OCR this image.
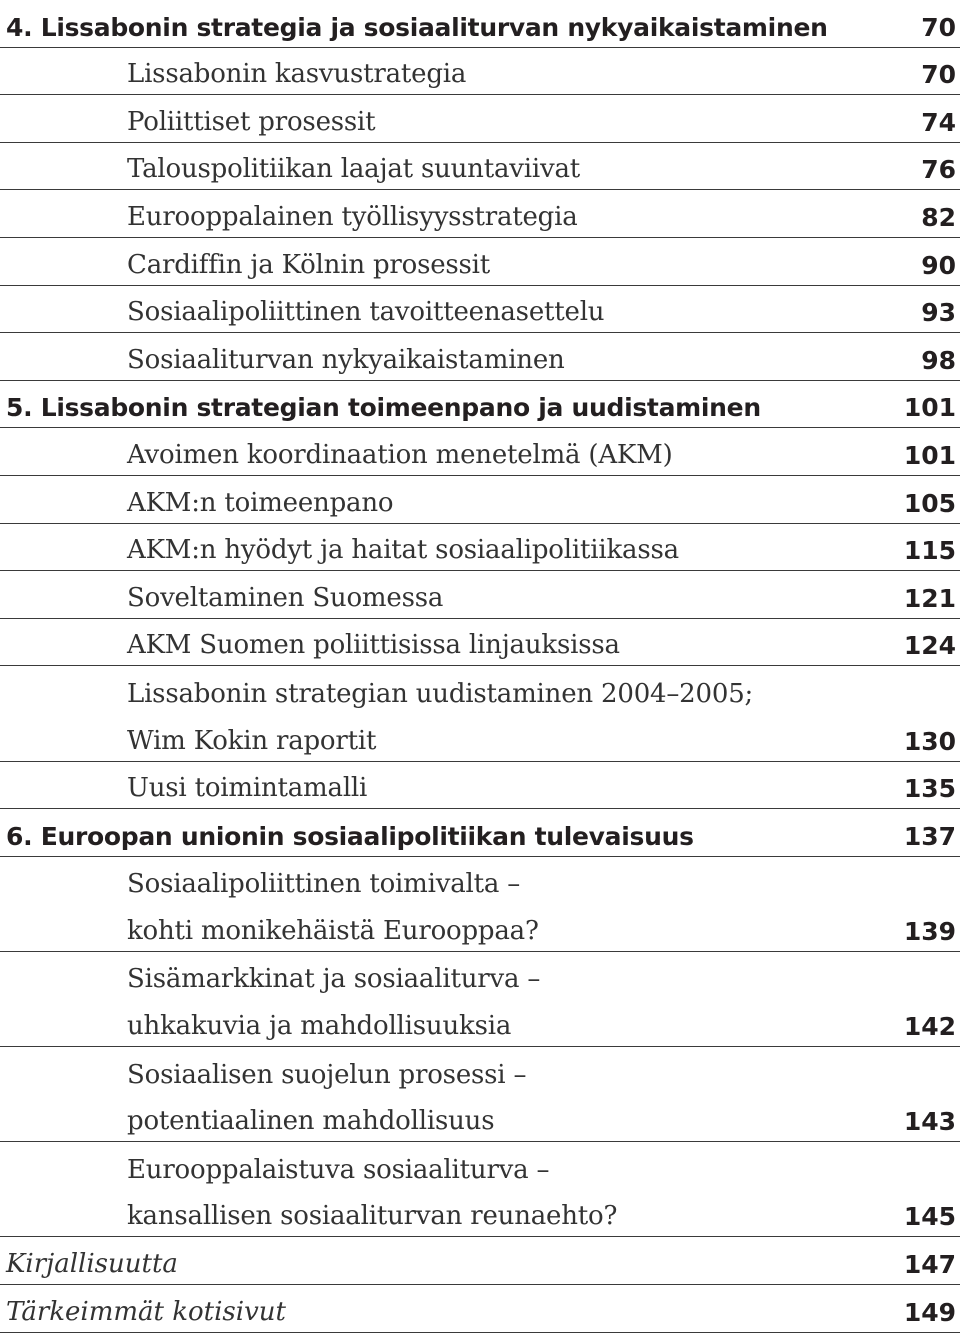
4. Lissabonin strategia ja sosiaaliturvan nykyaikaistaminen	70
Lissabonin kasvustrategia	70
Poliittiset prosessit	74
Talouspolitiikan laajat suuntaviivat	76
Eurooppalainen työllisyysstrategia	82
Cardiffin ja Kölnin prosessit	90
Sosiaalipoliittinen tavoitteenasettelu	93
Sosiaaliturvan nykyaikaistaminen	98
5. Lissabonin strategian toimeenpano ja uudistaminen	101
Avoimen koordinaation menetelmä (AKM)	101
AKM:n toimeenpano	105
AKM:n hyödyt ja haitat sosiaalipolitiikassa	115
Soveltaminen Suomessa	121
AKM Suomen poliittisissa linjauksissa	124
Lissabonin strategian uudistaminen 2004–2005;
Wim Kokin raportit	130
Uusi toimintamalli	135
6. Euroopan unionin sosiaalipolitiikan tulevaisuus	137
Sosiaalipoliittinen toimivalta –
kohti monikehäistä Eurooppaa?	139
Sisämarkkinat ja sosiaaliturva –
uhkakuvia ja mahdollisuuksia	142
Sosiaalisen suojelun prosessi –
potentiaalinen mahdollisuus	143
Eurooppalaistuva sosiaaliturva –
kansallisen sosiaaliturvan reunaehto?	145
Kirjallisuutta	147
Tärkeimmät kotisivut	149
